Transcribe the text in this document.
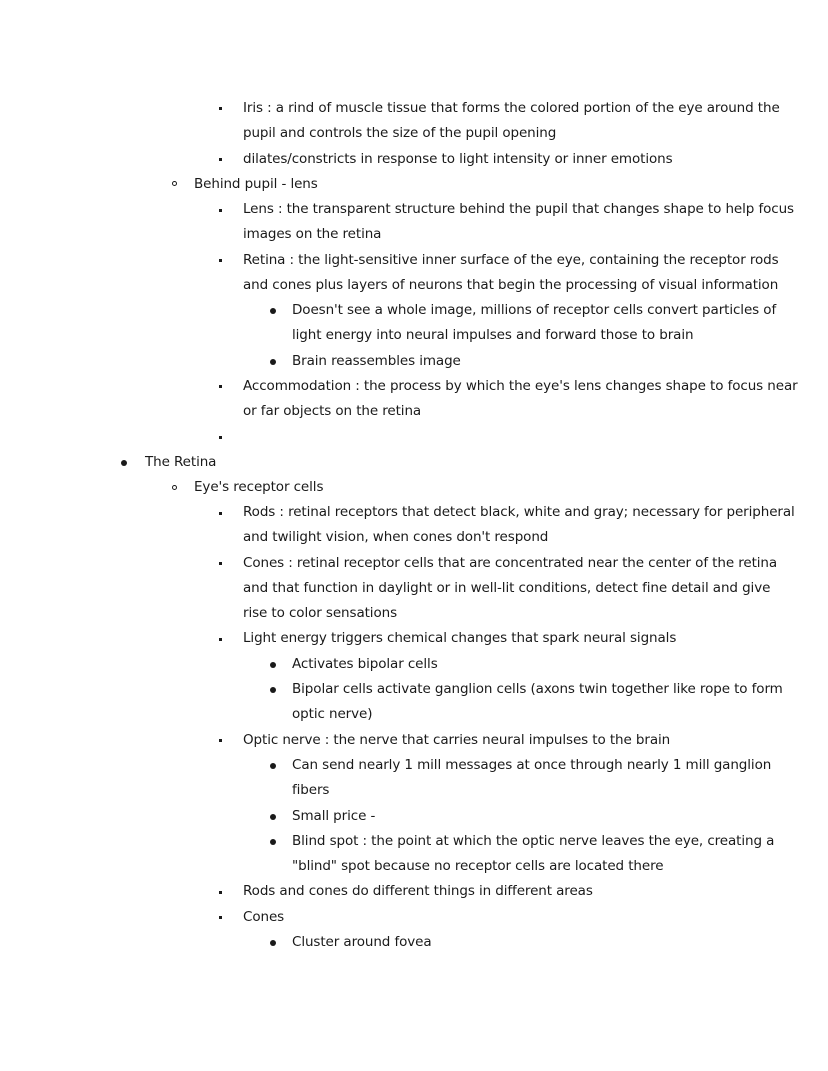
Iris : a rind of muscle tissue that forms the colored portion of the eye around the
pupil and controls the size of the pupil opening
dilates/constricts in response to light intensity or inner emotions
Behind pupil - lens
Lens : the transparent structure behind the pupil that changes shape to help focus
images on the retina
Retina : the light-sensitive inner surface of the eye, containing the receptor rods
and cones plus layers of neurons that begin the processing of visual information
Doesn't see a whole image, millions of receptor cells convert particles of
light energy into neural impulses and forward those to brain
Brain reassembles image
Accommodation : the process by which the eye's lens changes shape to focus near
or far objects on the retina
The Retina
Eye's receptor cells
Rods : retinal receptors that detect black, white and gray; necessary for peripheral
and twilight vision, when cones don't respond
Cones : retinal receptor cells that are concentrated near the center of the retina
and that function in daylight or in well-lit conditions, detect fine detail and give
rise to color sensations
Light energy triggers chemical changes that spark neural signals
Activates bipolar cells
Bipolar cells activate ganglion cells (axons twin together like rope to form
optic nerve)
Optic nerve : the nerve that carries neural impulses to the brain
Can send nearly 1 mill messages at once through nearly 1 mill ganglion
fibers
Small price -
Blind spot : the point at which the optic nerve leaves the eye, creating a
"blind" spot because no receptor cells are located there
Rods and cones do different things in different areas
Cones
Cluster around fovea
